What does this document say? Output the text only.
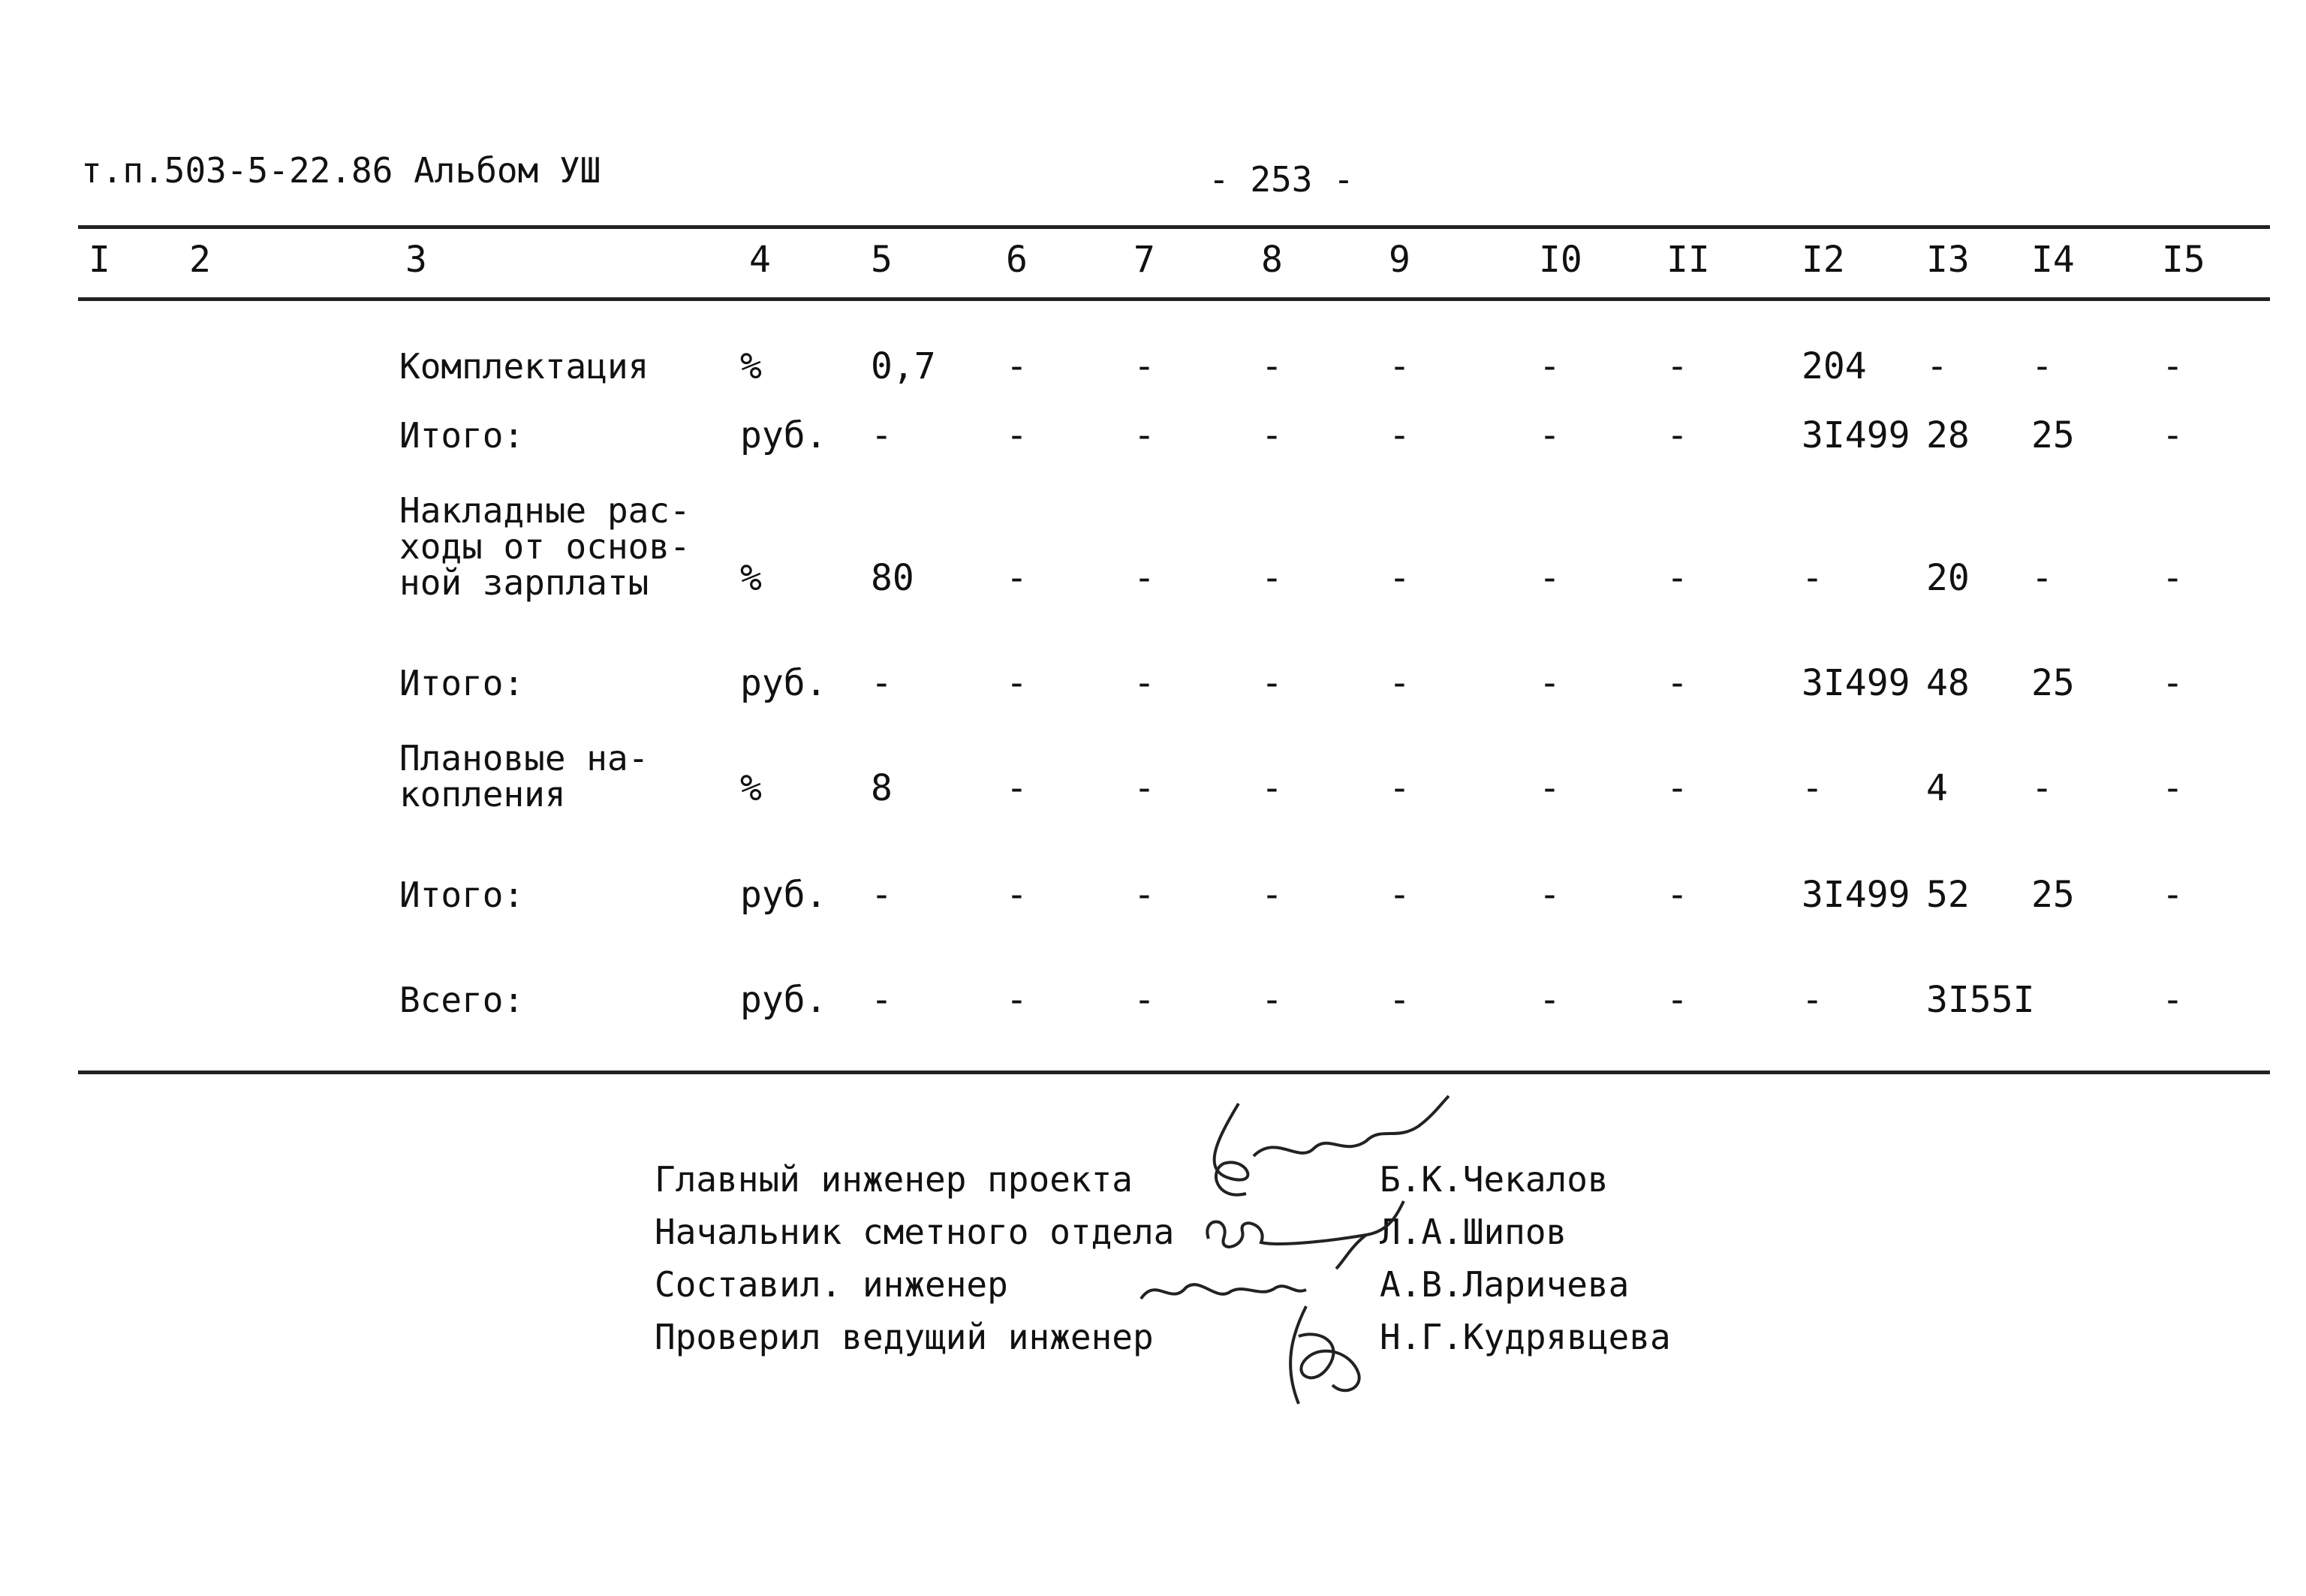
т.п.503-5-22.86 Альбом УШ	- 253 -
I 2	3	4	5	6	7	8	9	I0 II	I2 I3 I4 I5
Комплектация	%	0,7 -	-	-	-	-	-	204 - -	-
Итого:	руб. -	-	-	-	-	-	-	3I499 28 25 -
Накладные рас-
ходы от основ-
ной зарплаты	%	80	-	-	-	-	-	-	-	20 -	-
Итого:	руб. -	-	-	-	-	-	-	3I499 48 25 -
Плановые на-
копления	%	8	-	-	-	-	-	-	-	4 -	-
Итого:	руб. -	-	-	-	-	-	-	3I499 52 25 -
Всего:	руб. -	-	-	-	-	-	-	-	3I55I	-
Главный инженер проекта	Б.К.Чекалов
Начальник сметного отдела	Л.А.Шипов
Составил. инженер	А.В.Ларичева
Проверил ведущий инженер	Н.Г.Кудрявцева
